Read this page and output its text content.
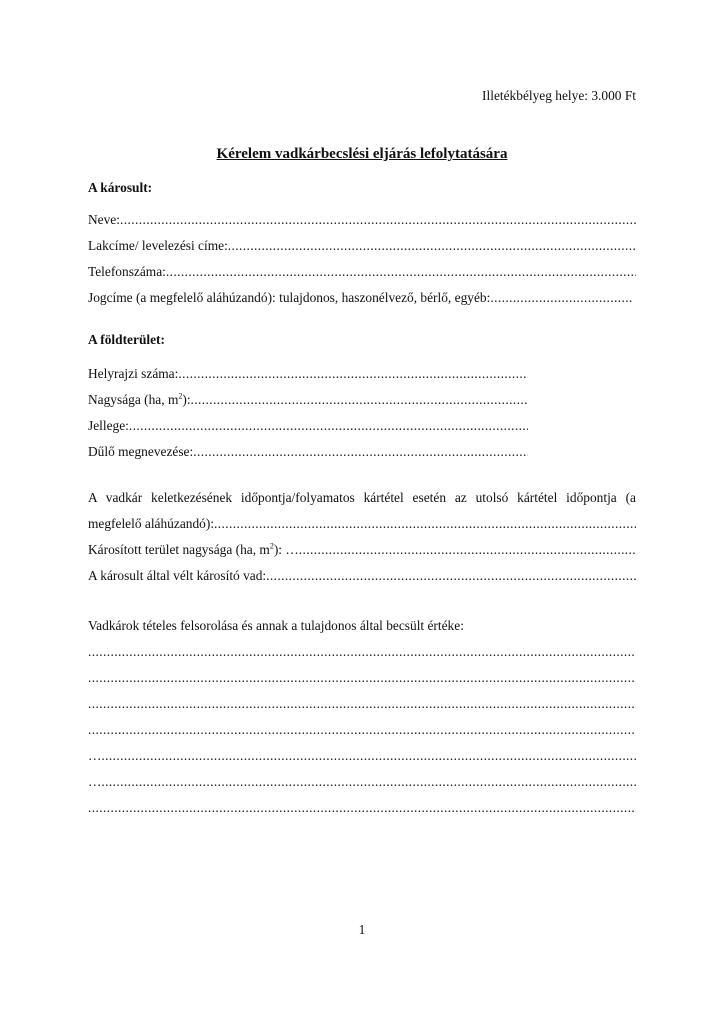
Illetékbélyeg helye: 3.000 Ft
Kérelem vadkárbecslési eljárás lefolytatására
A károsult:
Neve:
.....
Lakcíme/ levelezési címe:
.....
Telefonszáma:
.....
Jogcíme (a megfelelő aláhúzandó): tulajdonos, haszonélvező, bérlő, egyéb:
.....
A földterület:
Helyrajzi száma:
.....
Nagysága (ha, $m^2$):
.....
Jellege:
.....
Dűlő megnevezése:
.....
A vadkár keletkezésének időpontja/folyamatos kártétel esetén az utolsó kártétel időpontja (a
megfelelő aláhúzandó):
.....
Károsított terület nagysága (ha, $m^2$): …
.....
A károsult által vélt károsító vad:
.....
Vadkárok tételes felsorolása és annak a tulajdonos által becsült értéke:
.....
.....
.....
.....
…
.....
…
.....
.....
1
